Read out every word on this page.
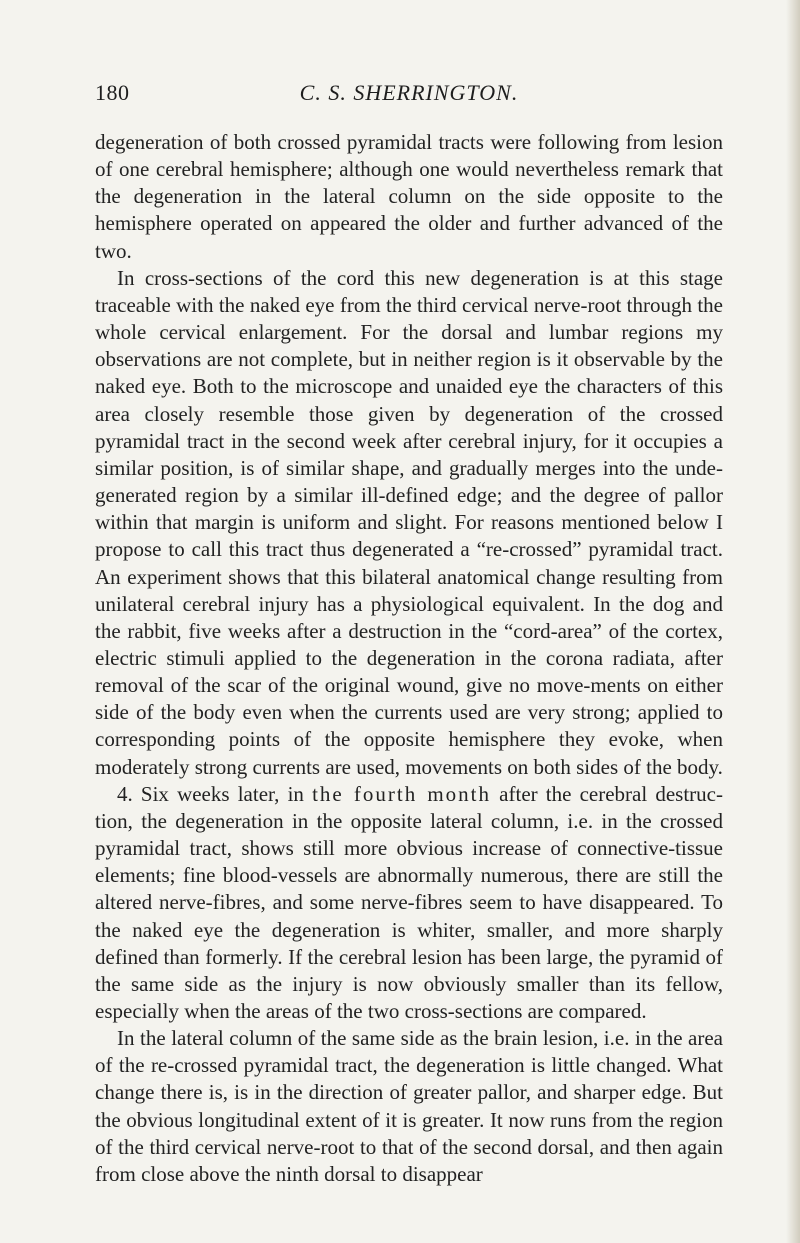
180	C. S. SHERRINGTON.

degeneration of both crossed pyramidal tracts were following from lesion of one cerebral hemisphere; although one would nevertheless remark that the degeneration in the lateral column on the side opposite to the hemisphere operated on appeared the older and further advanced of the two.

In cross-sections of the cord this new degeneration is at this stage traceable with the naked eye from the third cervical nerve-root through the whole cervical enlargement. For the dorsal and lumbar regions my observations are not complete, but in neither region is it observable by the naked eye. Both to the microscope and unaided eye the characters of this area closely resemble those given by degeneration of the crossed pyramidal tract in the second week after cerebral injury, for it occupies a similar position, is of similar shape, and gradually merges into the unde-generated region by a similar ill-defined edge; and the degree of pallor within that margin is uniform and slight. For reasons mentioned below I propose to call this tract thus degenerated a “re-crossed” pyramidal tract. An experiment shows that this bilateral anatomical change resulting from unilateral cerebral injury has a physiological equivalent. In the dog and the rabbit, five weeks after a destruction in the “cord-area” of the cortex, electric stimuli applied to the degeneration in the corona radiata, after removal of the scar of the original wound, give no move-ments on either side of the body even when the currents used are very strong; applied to corresponding points of the opposite hemisphere they evoke, when moderately strong currents are used, movements on both sides of the body.

4. Six weeks later, in the fourth month after the cerebral destruc-tion, the degeneration in the opposite lateral column, i.e. in the crossed pyramidal tract, shows still more obvious increase of connective-tissue elements; fine blood-vessels are abnormally numerous, there are still the altered nerve-fibres, and some nerve-fibres seem to have disappeared. To the naked eye the degeneration is whiter, smaller, and more sharply defined than formerly. If the cerebral lesion has been large, the pyramid of the same side as the injury is now obviously smaller than its fellow, especially when the areas of the two cross-sections are compared.

In the lateral column of the same side as the brain lesion, i.e. in the area of the re-crossed pyramidal tract, the degeneration is little changed. What change there is, is in the direction of greater pallor, and sharper edge. But the obvious longitudinal extent of it is greater. It now runs from the region of the third cervical nerve-root to that of the second dorsal, and then again from close above the ninth dorsal to disappear
